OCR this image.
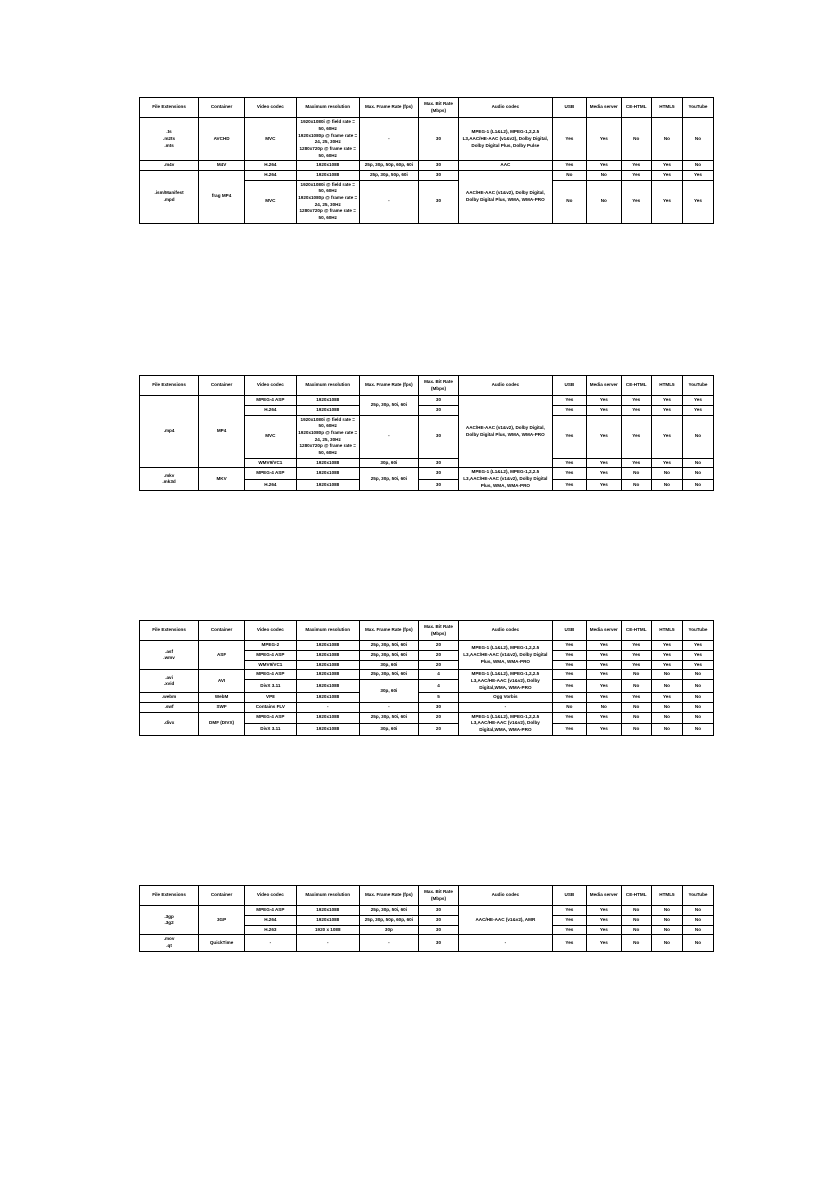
File Extensions	Container	Video codec	Maximum resolution	Max. Frame Rate (fps)	Max. Bit Rate (Mbps)	Audio codec	USB	Media server	CE-HTML	HTML5	YouTube

.ts
.m2ts
.mts	AVCHD	MVC	1920x1080i @ field rate = 50, 60Hz
1920x1080p @ frame rate = 24, 25, 30Hz
1280x720p @ frame rate = 50, 60Hz	-	30	MPEG-1 (L1&L2), MPEG-1,2,2.5 L3,AAC/HE-AAC (v1&v2), Dolby Digital, Dolby Digital Plus, Dolby Pulse	Yes	Yes	No	No	No

.m4v	M4V	H.264	1920x1088	25p, 30p, 50p, 60p, 60i	30	AAC	Yes	Yes	Yes	Yes	No

.ism/Manifest
.mpd	frag MP4	H.264	1920x1088	25p, 30p, 50p, 60i	30	AAC/HE-AAC (v1&v2), Dolby Digital, Dolby Digital Plus, WMA, WMA-PRO	No	No	Yes	Yes	Yes

		MVC	1920x1080i @ field rate = 50, 60Hz
1920x1080p @ frame rate = 24, 25, 30Hz
1280x720p @ frame rate = 50, 60Hz	-	30		No	No	Yes	Yes	Yes
File Extensions	Container	Video codec	Maximum resolution	Max. Frame Rate (fps)	Max. Bit Rate (Mbps)	Audio codec	USB	Media server	CE-HTML	HTML5	YouTube

.mp4	MP4	MPEG-4 ASP	1920x1088	25p, 30p, 50i, 60i	30	AAC/HE-AAC (v1&v2), Dolby Digital, Dolby Digital Plus, WMA, WMA-PRO	Yes	Yes	Yes	Yes	Yes

		H.264	1920x1088		30		Yes	Yes	Yes	Yes	Yes

		MVC	1920x1080i @ field rate = 50, 60Hz
1920x1080p @ frame rate = 24, 25, 30Hz
1280x720p @ frame rate = 50, 60Hz	-	30		Yes	Yes	Yes	Yes	No

		WMV9/VC1	1920x1088	30p, 60i	30		Yes	Yes	Yes	Yes	No

.mkv
.mk3d	MKV	MPEG-4 ASP	1920x1088	25p, 30p, 50i, 60i	30	MPEG-1 (L1&L2), MPEG-1,2,2.5 L3,AAC/HE-AAC (v1&v2), Dolby Digital Plus, WMA, WMA-PRO	Yes	Yes	No	No	No

		H.264	1920x1088		30		Yes	Yes	No	No	No
File Extensions	Container	Video codec	Maximum resolution	Max. Frame Rate (fps)	Max. Bit Rate (Mbps)	Audio codec	USB	Media server	CE-HTML	HTML5	YouTube

.asf
.wmv	ASF	MPEG-2	1920x1088	25p, 30p, 50i, 60i	20	MPEG-1 (L1&L2), MPEG-1,2,2.5 L3,AAC/HE-AAC (v1&v2), Dolby Digital Plus, WMA, WMA-PRO	Yes	Yes	Yes	Yes	Yes

		MPEG-4 ASP	1920x1088	25p, 30p, 50i, 60i	20		Yes	Yes	Yes	Yes	Yes

		WMV9/VC1	1920x1088	30p, 60i	20		Yes	Yes	Yes	Yes	Yes

.avi
.xvid	AVI	MPEG-4 ASP	1920x1088	25p, 30p, 50i, 60i	4	MPEG-1 (L1&L2), MPEG-1,2,2.5 L3,AAC/HE-AAC (v1&v2), Dolby Digital,WMA, WMA-PRO	Yes	Yes	No	No	No

		DivX 3.11	1920x1088	30p, 60i	4		Yes	Yes	No	No	No

.webm	WebM	VP8	1920x1088		5	Ogg Vorbis	Yes	Yes	Yes	Yes	No

.swf	SWF	Contains FLV	-	-	30	-	No	No	No	No	No

.divx	DMF (DIVX)	MPEG-4 ASP	1920x1088	25p, 30p, 50i, 60i	20	MPEG-1 (L1&L2), MPEG-1,2,2.5 L3,AAC/HE-AAC (v1&v2), Dolby Digital,WMA, WMA-PRO	Yes	Yes	No	No	No

		DivX 3.11	1920x1088	30p, 60i	20		Yes	Yes	No	No	No
File Extensions	Container	Video codec	Maximum resolution	Max. Frame Rate (fps)	Max. Bit Rate (Mbps)	Audio codec	USB	Media server	CE-HTML	HTML5	YouTube

.3gp
.3g2	3GP	MPEG-4 ASP	1920x1088	25p, 30p, 50i, 60i	30	AAC/HE-AAC (v1&v2), AMR	Yes	Yes	No	No	No

		H.264	1920x1088	25p, 30p, 50p, 60p, 60i	30		Yes	Yes	No	No	No

		H.263	1920 x 1088	30p	30		Yes	Yes	No	No	No

.mov
.qt	QuickTime	-	-	-	30	-	Yes	Yes	No	No	No
